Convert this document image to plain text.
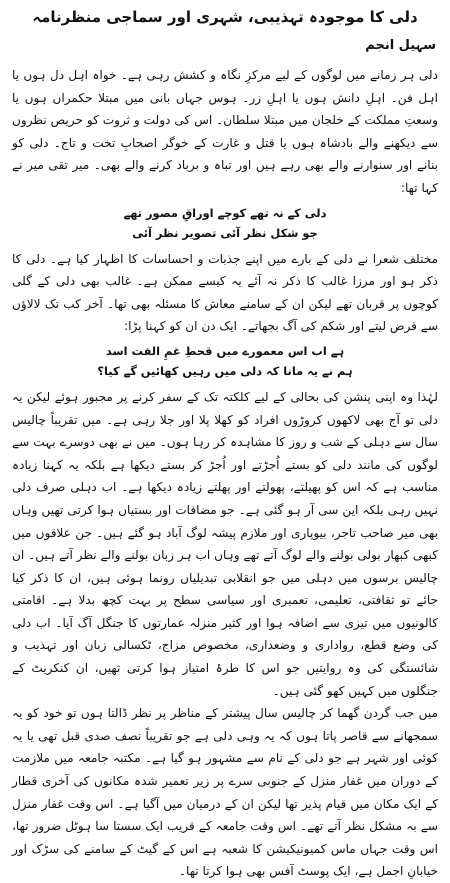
دلی کا موجودہ تہذیبی، شہری اور سماجی منظرنامہ
سہیل انجم

دلی ہر زمانے میں لوگوں کے لیے مرکزِ نگاہ و کشش رہی ہے۔ خواہ اہل دل ہوں یا اہل فن۔ اہلِ دانش ہوں یا اہلِ زر۔ ہوس جہاں بانی میں مبتلا حکمراں ہوں یا وسعتِ مملکت کے خلجان میں مبتلا سلطان۔ اس کی دولت و ثروت کو حریص نظروں سے دیکھنے والے بادشاہ ہوں یا قتل و غارت کے خوگر اصحابِ تخت و تاج۔ دلی کو بنانے اور سنوارنے والے بھی رہے ہیں اور تباہ و برباد کرنے والے بھی۔ میر تقی میر نے کہا تھا:

دلی کے نہ تھے کوچے اوراقِ مصور تھے

جو شکل نظر آئی تصویر نظر آئی

مختلف شعرا نے دلی کے بارے میں اپنے جذبات و احساسات کا اظہار کیا ہے۔ دلی کا ذکر ہو اور مرزا غالب کا ذکر نہ آئے یہ کیسے ممکن ہے۔ غالب بھی دلی کے گلی کوچوں پر قربان تھے لیکن ان کے سامنے معاش کا مسئلہ بھی تھا۔ آخر کب تک لالاؤں سے قرض لیتے اور شکم کی آگ بجھاتے۔ ایک دن ان کو کہنا پڑا:

ہے اب اس معمورے میں قحطِ غمِ الفت اسد

ہم نے یہ مانا کہ دلی میں رہیں کھائیں گے کیا؟

لہٰذا وہ اپنی پنشن کی بحالی کے لیے کلکتہ تک کے سفر کرنے پر مجبور ہوئے لیکن یہ دلی تو آج بھی لاکھوں کروڑوں افراد کو کھلا پلا اور جلا رہی ہے۔ میں تقریباً چالیس سال سے دہلی کے شب و روز کا مشاہدہ کر رہا ہوں۔ میں نے بھی دوسرے بہت سے لوگوں کی مانند دلی کو بستے اُجڑتے اور اُجڑ کر بستے دیکھا ہے بلکہ یہ کہنا زیادہ مناسب ہے کہ اس کو پھیلتے، پھولتے اور پھلتے زیادہ دیکھا ہے۔ اب دہلی صرف دلی نہیں رہی بلکہ این سی آر ہو گئی ہے۔ جو مضافات اور بستیاں ہوا کرتی تھیں وہاں بھی میر صاحب تاجر، بیوپاری اور ملازم پیشہ لوگ آباد ہو گئے ہیں۔ جن علاقوں میں کبھی کبھار بولی بولنے والے لوگ آتے تھے وہاں اب ہر زبان بولنے والے نظر آتے ہیں۔ ان چالیس برسوں میں دہلی میں جو انقلابی تبدیلیاں رونما ہوئی ہیں، ان کا ذکر کیا جائے تو ثقافتی، تعلیمی، تعمیری اور سیاسی سطح پر بہت کچھ بدلا ہے۔ اقامتی کالونیوں میں تیزی سے اضافہ ہوا اور کثیر منزلہ عمارتوں کا جنگل آگ آیا۔ اب دلی کی وضع قطع، رواداری و وضعداری، مخصوص مزاج، ٹکسالی زبان اور تہذیب و شائستگی کی وہ روایتیں جو اس کا طرۂ امتیاز ہوا کرتی تھیں، ان کنکریٹ کے جنگلوں میں کہیں کھو گئی ہیں۔

میں جب گردن گھما کر چالیس سال پیشتر کے مناظر پر نظر ڈالتا ہوں تو خود کو یہ سمجھانے سے قاصر پاتا ہوں کہ یہ وہی دلی ہے جو تقریباً نصف صدی قبل تھی یا یہ کوئی اور شہر ہے جو دلی کے نام سے مشہور ہو گیا ہے۔ مکتبہ جامعہ میں ملازمت کے دوران میں غفار منزل کے جنوبی سرے پر زیر تعمیر شدہ مکانوں کی آخری قطار کے ایک مکان میں قیام پذیر تھا لیکن ان کے درمیان میں آگیا ہے۔ اس وقت غفار منزل سے بہ مشکل نظر آتے تھے۔ اس وقت جامعہ کے قریب ایک سستا سا ہوٹل ضرور تھا، اس وقت جہاں ماس کمیونیکیشن کا شعبہ ہے اس کے گیٹ کے سامنے کی سڑک اور خیابانِ اجمل ہے، ایک پوسٹ آفس بھی ہوا کرتا تھا۔
